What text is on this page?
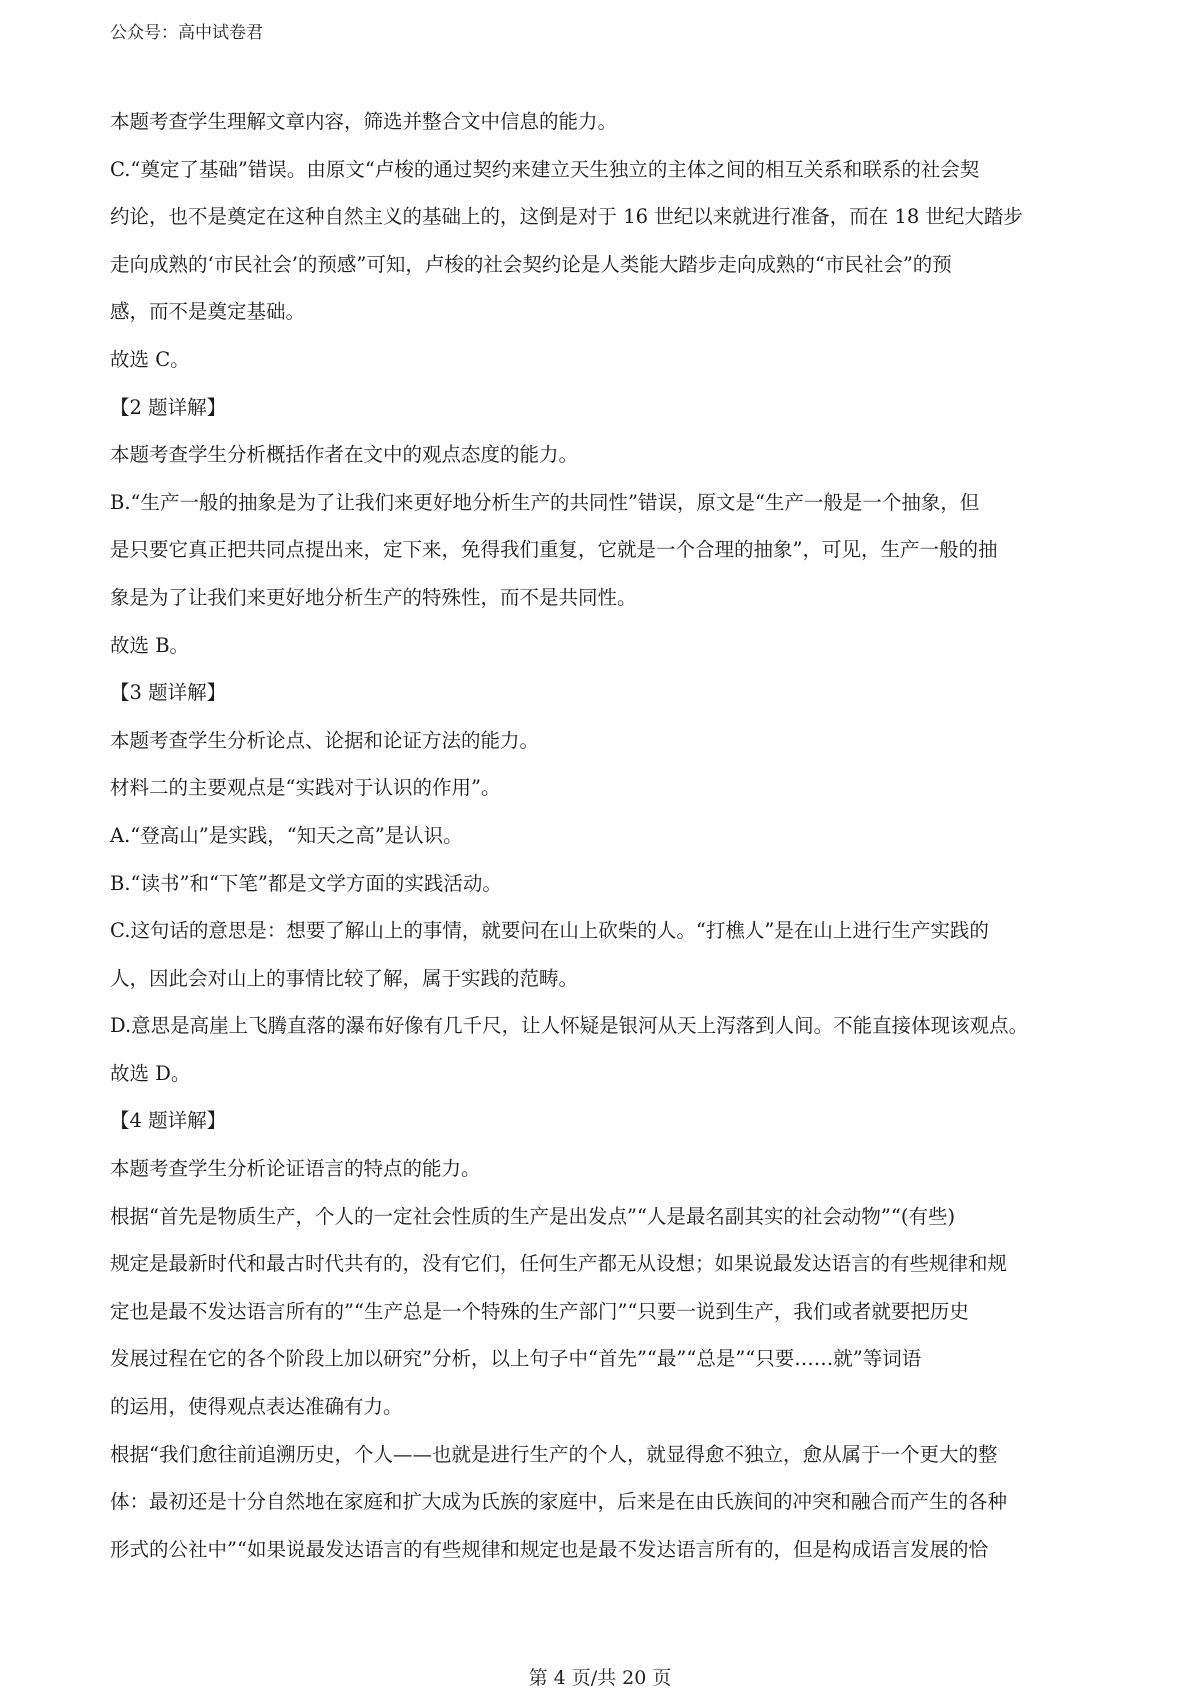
公众号：高中试卷君

本题考查学生理解文章内容，筛选并整合文中信息的能力。

C.“奠定了基础”错误。由原文“卢梭的通过契约来建立天生独立的主体之间的相互关系和联系的社会契

约论，也不是奠定在这种自然主义的基础上的，这倒是对于 16 世纪以来就进行准备，而在 18 世纪大踏步

走向成熟的‘市民社会’的预感”可知，卢梭的社会契约论是人类能大踏步走向成熟的“市民社会”的预

感，而不是奠定基础。

故选 C。

【2 题详解】

本题考查学生分析概括作者在文中的观点态度的能力。

B.“生产一般的抽象是为了让我们来更好地分析生产的共同性”错误，原文是“生产一般是一个抽象，但

是只要它真正把共同点提出来，定下来，免得我们重复，它就是一个合理的抽象”，可见，生产一般的抽

象是为了让我们来更好地分析生产的特殊性，而不是共同性。

故选 B。

【3 题详解】

本题考查学生分析论点、论据和论证方法的能力。

材料二的主要观点是“实践对于认识的作用”。

A.“登高山”是实践，“知天之高”是认识。

B.“读书”和“下笔”都是文学方面的实践活动。

C.这句话的意思是：想要了解山上的事情，就要问在山上砍柴的人。“打樵人”是在山上进行生产实践的

人，因此会对山上的事情比较了解，属于实践的范畴。

D.意思是高崖上飞腾直落的瀑布好像有几千尺，让人怀疑是银河从天上泻落到人间。不能直接体现该观点。

故选 D。

【4 题详解】

本题考查学生分析论证语言的特点的能力。

根据“首先是物质生产，个人的一定社会性质的生产是出发点”“人是最名副其实的社会动物”“(有些)

规定是最新时代和最古时代共有的，没有它们，任何生产都无从设想；如果说最发达语言的有些规律和规

定也是最不发达语言所有的”“生产总是一个特殊的生产部门”“只要一说到生产，我们或者就要把历史

发展过程在它的各个阶段上加以研究”分析，以上句子中“首先”“最”“总是”“只要……就”等词语

的运用，使得观点表达准确有力。

根据“我们愈往前追溯历史，个人——也就是进行生产的个人，就显得愈不独立，愈从属于一个更大的整

体：最初还是十分自然地在家庭和扩大成为氏族的家庭中，后来是在由氏族间的冲突和融合而产生的各种

形式的公社中”“如果说最发达语言的有些规律和规定也是最不发达语言所有的，但是构成语言发展的恰

第 4 页/共 20 页
